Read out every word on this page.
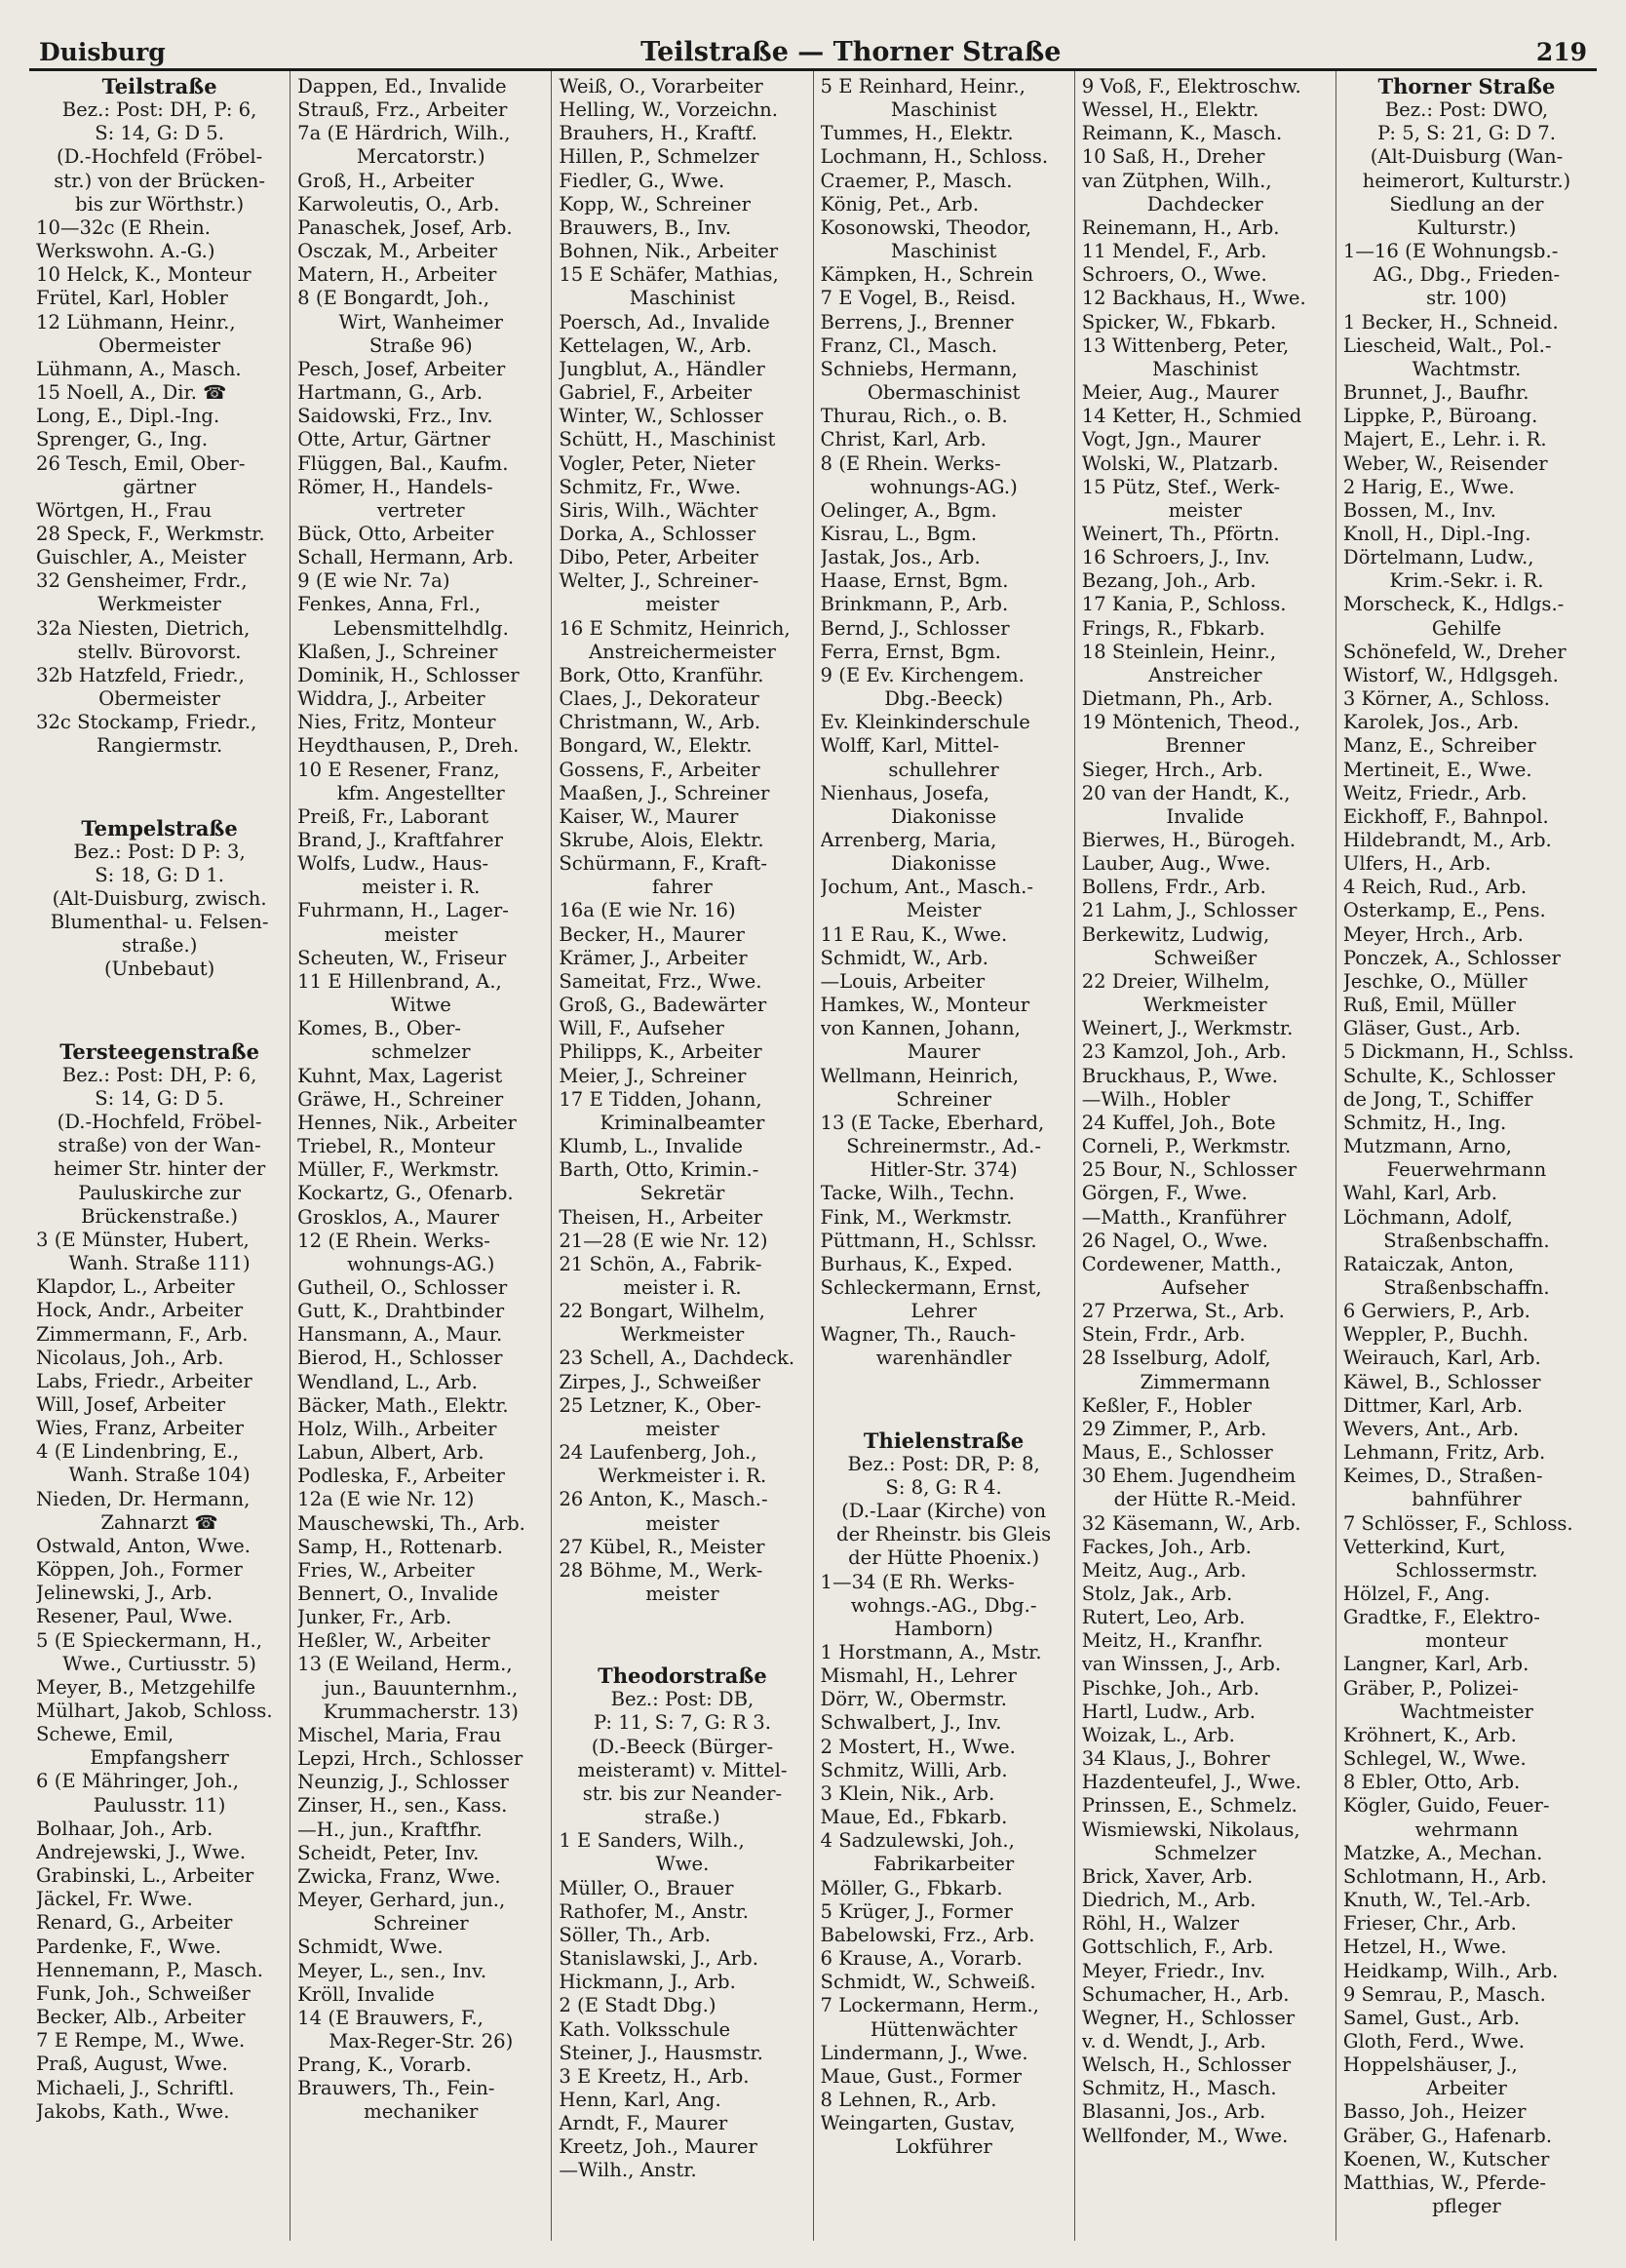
Duisburg	Teilstraße — Thorner Straße	219
Teilstraße
Bez.: Post: DH, P: 6,
S: 14, G: D 5.
(D.-Hochfeld (Fröbel-
str.) von der Brücken-
bis zur Wörthstr.)
10—32c (E Rhein.
Werkswohn. A.-G.)
10 Helck, K., Monteur
Frütel, Karl, Hobler
12 Lühmann, Heinr.,
Obermeister
Lühmann, A., Masch.
15 Noell, A., Dir. ☎
Long, E., Dipl.-Ing.
Sprenger, G., Ing.
26 Tesch, Emil, Ober-
gärtner
Wörtgen, H., Frau
28 Speck, F., Werkmstr.
Guischler, A., Meister
32 Gensheimer, Frdr.,
Werkmeister
32a Niesten, Dietrich,
stellv. Bürovorst.
32b Hatzfeld, Friedr.,
Obermeister
32c Stockamp, Friedr.,
Rangiermstr.
Tempelstraße
Bez.: Post: D P: 3,
S: 18, G: D 1.
(Alt-Duisburg, zwisch.
Blumenthal- u. Felsen-
straße.)
(Unbebaut)
Tersteegenstraße
Bez.: Post: DH, P: 6,
S: 14, G: D 5.
(D.-Hochfeld, Fröbel-
straße) von der Wan-
heimer Str. hinter der
Pauluskirche zur
Brückenstraße.)
3 (E Münster, Hubert,
Wanh. Straße 111)
Klapdor, L., Arbeiter
Hock, Andr., Arbeiter
Zimmermann, F., Arb.
Nicolaus, Joh., Arb.
Labs, Friedr., Arbeiter
Will, Josef, Arbeiter
Wies, Franz, Arbeiter
4 (E Lindenbring, E.,
Wanh. Straße 104)
Nieden, Dr. Hermann,
Zahnarzt ☎
Ostwald, Anton, Wwe.
Köppen, Joh., Former
Jelinewski, J., Arb.
Resener, Paul, Wwe.
5 (E Spieckermann, H.,
Wwe., Curtiusstr. 5)
Meyer, B., Metzgehilfe
Mülhart, Jakob, Schloss.
Schewe, Emil,
Empfangsherr
6 (E Mähringer, Joh.,
Paulusstr. 11)
Bolhaar, Joh., Arb.
Andrejewski, J., Wwe.
Grabinski, L., Arbeiter
Jäckel, Fr. Wwe.
Renard, G., Arbeiter
Pardenke, F., Wwe.
Hennemann, P., Masch.
Funk, Joh., Schweißer
Becker, Alb., Arbeiter
7 E Rempe, M., Wwe.
Praß, August, Wwe.
Michaeli, J., Schriftl.
Jakobs, Kath., Wwe.
Dappen, Ed., Invalide
Strauß, Frz., Arbeiter
7a (E Härdrich, Wilh.,
Mercatorstr.)
Groß, H., Arbeiter
Karwoleutis, O., Arb.
Panaschek, Josef, Arb.
Osczak, M., Arbeiter
Matern, H., Arbeiter
8 (E Bongardt, Joh.,
Wirt, Wanheimer
Straße 96)
Pesch, Josef, Arbeiter
Hartmann, G., Arb.
Saidowski, Frz., Inv.
Otte, Artur, Gärtner
Flüggen, Bal., Kaufm.
Römer, H., Handels-
vertreter
Bück, Otto, Arbeiter
Schall, Hermann, Arb.
9 (E wie Nr. 7a)
Fenkes, Anna, Frl.,
Lebensmittelhdlg.
Klaßen, J., Schreiner
Dominik, H., Schlosser
Widdra, J., Arbeiter
Nies, Fritz, Monteur
Heydthausen, P., Dreh.
10 E Resener, Franz,
kfm. Angestellter
Preiß, Fr., Laborant
Brand, J., Kraftfahrer
Wolfs, Ludw., Haus-
meister i. R.
Fuhrmann, H., Lager-
meister
Scheuten, W., Friseur
11 E Hillenbrand, A.,
Witwe
Komes, B., Ober-
schmelzer
Kuhnt, Max, Lagerist
Gräwe, H., Schreiner
Hennes, Nik., Arbeiter
Triebel, R., Monteur
Müller, F., Werkmstr.
Kockartz, G., Ofenarb.
Grosklos, A., Maurer
12 (E Rhein. Werks-
wohnungs-AG.)
Gutheil, O., Schlosser
Gutt, K., Drahtbinder
Hansmann, A., Maur.
Bierod, H., Schlosser
Wendland, L., Arb.
Bäcker, Math., Elektr.
Holz, Wilh., Arbeiter
Labun, Albert, Arb.
Podleska, F., Arbeiter
12a (E wie Nr. 12)
Mauschewski, Th., Arb.
Samp, H., Rottenarb.
Fries, W., Arbeiter
Bennert, O., Invalide
Junker, Fr., Arb.
Heßler, W., Arbeiter
13 (E Weiland, Herm.,
jun., Bauunternhm.,
Krummacherstr. 13)
Mischel, Maria, Frau
Lepzi, Hrch., Schlosser
Neunzig, J., Schlosser
Zinser, H., sen., Kass.
—H., jun., Kraftfhr.
Scheidt, Peter, Inv.
Zwicka, Franz, Wwe.
Meyer, Gerhard, jun.,
Schreiner
Schmidt, Wwe.
Meyer, L., sen., Inv.
Kröll, Invalide
14 (E Brauwers, F.,
Max-Reger-Str. 26)
Prang, K., Vorarb.
Brauwers, Th., Fein-
mechaniker
Weiß, O., Vorarbeiter
Helling, W., Vorzeichn.
Brauhers, H., Kraftf.
Hillen, P., Schmelzer
Fiedler, G., Wwe.
Kopp, W., Schreiner
Brauwers, B., Inv.
Bohnen, Nik., Arbeiter
15 E Schäfer, Mathias,
Maschinist
Poersch, Ad., Invalide
Kettelagen, W., Arb.
Jungblut, A., Händler
Gabriel, F., Arbeiter
Winter, W., Schlosser
Schütt, H., Maschinist
Vogler, Peter, Nieter
Schmitz, Fr., Wwe.
Siris, Wilh., Wächter
Dorka, A., Schlosser
Dibo, Peter, Arbeiter
Welter, J., Schreiner-
meister
16 E Schmitz, Heinrich,
Anstreichermeister
Bork, Otto, Kranführ.
Claes, J., Dekorateur
Christmann, W., Arb.
Bongard, W., Elektr.
Gossens, F., Arbeiter
Maaßen, J., Schreiner
Kaiser, W., Maurer
Skrube, Alois, Elektr.
Schürmann, F., Kraft-
fahrer
16a (E wie Nr. 16)
Becker, H., Maurer
Krämer, J., Arbeiter
Sameitat, Frz., Wwe.
Groß, G., Badewärter
Will, F., Aufseher
Philipps, K., Arbeiter
Meier, J., Schreiner
17 E Tidden, Johann,
Kriminalbeamter
Klumb, L., Invalide
Barth, Otto, Krimin.-
Sekretär
Theisen, H., Arbeiter
21—28 (E wie Nr. 12)
21 Schön, A., Fabrik-
meister i. R.
22 Bongart, Wilhelm,
Werkmeister
23 Schell, A., Dachdeck.
Zirpes, J., Schweißer
25 Letzner, K., Ober-
meister
24 Laufenberg, Joh.,
Werkmeister i. R.
26 Anton, K., Masch.-
meister
27 Kübel, R., Meister
28 Böhme, M., Werk-
meister
Theodorstraße
Bez.: Post: DB,
P: 11, S: 7, G: R 3.
(D.-Beeck (Bürger-
meisteramt) v. Mittel-
str. bis zur Neander-
straße.)
1 E Sanders, Wilh.,
Wwe.
Müller, O., Brauer
Rathofer, M., Anstr.
Söller, Th., Arb.
Stanislawski, J., Arb.
Hickmann, J., Arb.
2 (E Stadt Dbg.)
Kath. Volksschule
Steiner, J., Hausmstr.
3 E Kreetz, H., Arb.
Henn, Karl, Ang.
Arndt, F., Maurer
Kreetz, Joh., Maurer
—Wilh., Anstr.
5 E Reinhard, Heinr.,
Maschinist
Tummes, H., Elektr.
Lochmann, H., Schloss.
Craemer, P., Masch.
König, Pet., Arb.
Kosonowski, Theodor,
Maschinist
Kämpken, H., Schrein
7 E Vogel, B., Reisd.
Berrens, J., Brenner
Franz, Cl., Masch.
Schniebs, Hermann,
Obermaschinist
Thurau, Rich., o. B.
Christ, Karl, Arb.
8 (E Rhein. Werks-
wohnungs-AG.)
Oelinger, A., Bgm.
Kisrau, L., Bgm.
Jastak, Jos., Arb.
Haase, Ernst, Bgm.
Brinkmann, P., Arb.
Bernd, J., Schlosser
Ferra, Ernst, Bgm.
9 (E Ev. Kirchengem.
Dbg.-Beeck)
Ev. Kleinkinderschule
Wolff, Karl, Mittel-
schullehrer
Nienhaus, Josefa,
Diakonisse
Arrenberg, Maria,
Diakonisse
Jochum, Ant., Masch.-
Meister
11 E Rau, K., Wwe.
Schmidt, W., Arb.
—Louis, Arbeiter
Hamkes, W., Monteur
von Kannen, Johann,
Maurer
Wellmann, Heinrich,
Schreiner
13 (E Tacke, Eberhard,
Schreinermstr., Ad.-
Hitler-Str. 374)
Tacke, Wilh., Techn.
Fink, M., Werkmstr.
Püttmann, H., Schlssr.
Burhaus, K., Exped.
Schleckermann, Ernst,
Lehrer
Wagner, Th., Rauch-
warenhändler
Thielenstraße
Bez.: Post: DR, P: 8,
S: 8, G: R 4.
(D.-Laar (Kirche) von
der Rheinstr. bis Gleis
der Hütte Phoenix.)
1—34 (E Rh. Werks-
wohngs.-AG., Dbg.-
Hamborn)
1 Horstmann, A., Mstr.
Mismahl, H., Lehrer
Dörr, W., Obermstr.
Schwalbert, J., Inv.
2 Mostert, H., Wwe.
Schmitz, Willi, Arb.
3 Klein, Nik., Arb.
Maue, Ed., Fbkarb.
4 Sadzulewski, Joh.,
Fabrikarbeiter
Möller, G., Fbkarb.
5 Krüger, J., Former
Babelowski, Frz., Arb.
6 Krause, A., Vorarb.
Schmidt, W., Schweiß.
7 Lockermann, Herm.,
Hüttenwächter
Lindermann, J., Wwe.
Maue, Gust., Former
8 Lehnen, R., Arb.
Weingarten, Gustav,
Lokführer
9 Voß, F., Elektroschw.
Wessel, H., Elektr.
Reimann, K., Masch.
10 Saß, H., Dreher
van Zütphen, Wilh.,
Dachdecker
Reinemann, H., Arb.
11 Mendel, F., Arb.
Schroers, O., Wwe.
12 Backhaus, H., Wwe.
Spicker, W., Fbkarb.
13 Wittenberg, Peter,
Maschinist
Meier, Aug., Maurer
14 Ketter, H., Schmied
Vogt, Jgn., Maurer
Wolski, W., Platzarb.
15 Pütz, Stef., Werk-
meister
Weinert, Th., Pförtn.
16 Schroers, J., Inv.
Bezang, Joh., Arb.
17 Kania, P., Schloss.
Frings, R., Fbkarb.
18 Steinlein, Heinr.,
Anstreicher
Dietmann, Ph., Arb.
19 Möntenich, Theod.,
Brenner
Sieger, Hrch., Arb.
20 van der Handt, K.,
Invalide
Bierwes, H., Bürogeh.
Lauber, Aug., Wwe.
Bollens, Frdr., Arb.
21 Lahm, J., Schlosser
Berkewitz, Ludwig,
Schweißer
22 Dreier, Wilhelm,
Werkmeister
Weinert, J., Werkmstr.
23 Kamzol, Joh., Arb.
Bruckhaus, P., Wwe.
—Wilh., Hobler
24 Kuffel, Joh., Bote
Corneli, P., Werkmstr.
25 Bour, N., Schlosser
Görgen, F., Wwe.
—Matth., Kranführer
26 Nagel, O., Wwe.
Cordewener, Matth.,
Aufseher
27 Przerwa, St., Arb.
Stein, Frdr., Arb.
28 Isselburg, Adolf,
Zimmermann
Keßler, F., Hobler
29 Zimmer, P., Arb.
Maus, E., Schlosser
30 Ehem. Jugendheim
der Hütte R.-Meid.
32 Käsemann, W., Arb.
Fackes, Joh., Arb.
Meitz, Aug., Arb.
Stolz, Jak., Arb.
Rutert, Leo, Arb.
Meitz, H., Kranfhr.
van Winssen, J., Arb.
Pischke, Joh., Arb.
Hartl, Ludw., Arb.
Woizak, L., Arb.
34 Klaus, J., Bohrer
Hazdenteufel, J., Wwe.
Prinssen, E., Schmelz.
Wismiewski, Nikolaus,
Schmelzer
Brick, Xaver, Arb.
Diedrich, M., Arb.
Röhl, H., Walzer
Gottschlich, F., Arb.
Meyer, Friedr., Inv.
Schumacher, H., Arb.
Wegner, H., Schlosser
v. d. Wendt, J., Arb.
Welsch, H., Schlosser
Schmitz, H., Masch.
Blasanni, Jos., Arb.
Wellfonder, M., Wwe.
Thorner Straße
Bez.: Post: DWO,
P: 5, S: 21, G: D 7.
(Alt-Duisburg (Wan-
heimerort, Kulturstr.)
Siedlung an der
Kulturstr.)
1—16 (E Wohnungsb.-
AG., Dbg., Frieden-
str. 100)
1 Becker, H., Schneid.
Liescheid, Walt., Pol.-
Wachtmstr.
Brunnet, J., Baufhr.
Lippke, P., Büroang.
Majert, E., Lehr. i. R.
Weber, W., Reisender
2 Harig, E., Wwe.
Bossen, M., Inv.
Knoll, H., Dipl.-Ing.
Dörtelmann, Ludw.,
Krim.-Sekr. i. R.
Morscheck, K., Hdlgs.-
Gehilfe
Schönefeld, W., Dreher
Wistorf, W., Hdlgsgeh.
3 Körner, A., Schloss.
Karolek, Jos., Arb.
Manz, E., Schreiber
Mertineit, E., Wwe.
Weitz, Friedr., Arb.
Eickhoff, F., Bahnpol.
Hildebrandt, M., Arb.
Ulfers, H., Arb.
4 Reich, Rud., Arb.
Osterkamp, E., Pens.
Meyer, Hrch., Arb.
Ponczek, A., Schlosser
Jeschke, O., Müller
Ruß, Emil, Müller
Gläser, Gust., Arb.
5 Dickmann, H., Schlss.
Schulte, K., Schlosser
de Jong, T., Schiffer
Schmitz, H., Ing.
Mutzmann, Arno,
Feuerwehrmann
Wahl, Karl, Arb.
Löchmann, Adolf,
Straßenbschaffn.
Rataiczak, Anton,
Straßenbschaffn.
6 Gerwiers, P., Arb.
Weppler, P., Buchh.
Weirauch, Karl, Arb.
Käwel, B., Schlosser
Dittmer, Karl, Arb.
Wevers, Ant., Arb.
Lehmann, Fritz, Arb.
Keimes, D., Straßen-
bahnführer
7 Schlösser, F., Schloss.
Vetterkind, Kurt,
Schlossermstr.
Hölzel, F., Ang.
Gradtke, F., Elektro-
monteur
Langner, Karl, Arb.
Gräber, P., Polizei-
Wachtmeister
Kröhnert, K., Arb.
Schlegel, W., Wwe.
8 Ebler, Otto, Arb.
Kögler, Guido, Feuer-
wehrmann
Matzke, A., Mechan.
Schlotmann, H., Arb.
Knuth, W., Tel.-Arb.
Frieser, Chr., Arb.
Hetzel, H., Wwe.
Heidkamp, Wilh., Arb.
9 Semrau, P., Masch.
Samel, Gust., Arb.
Gloth, Ferd., Wwe.
Hoppelshäuser, J.,
Arbeiter
Basso, Joh., Heizer
Gräber, G., Hafenarb.
Koenen, W., Kutscher
Matthias, W., Pferde-
pfleger
